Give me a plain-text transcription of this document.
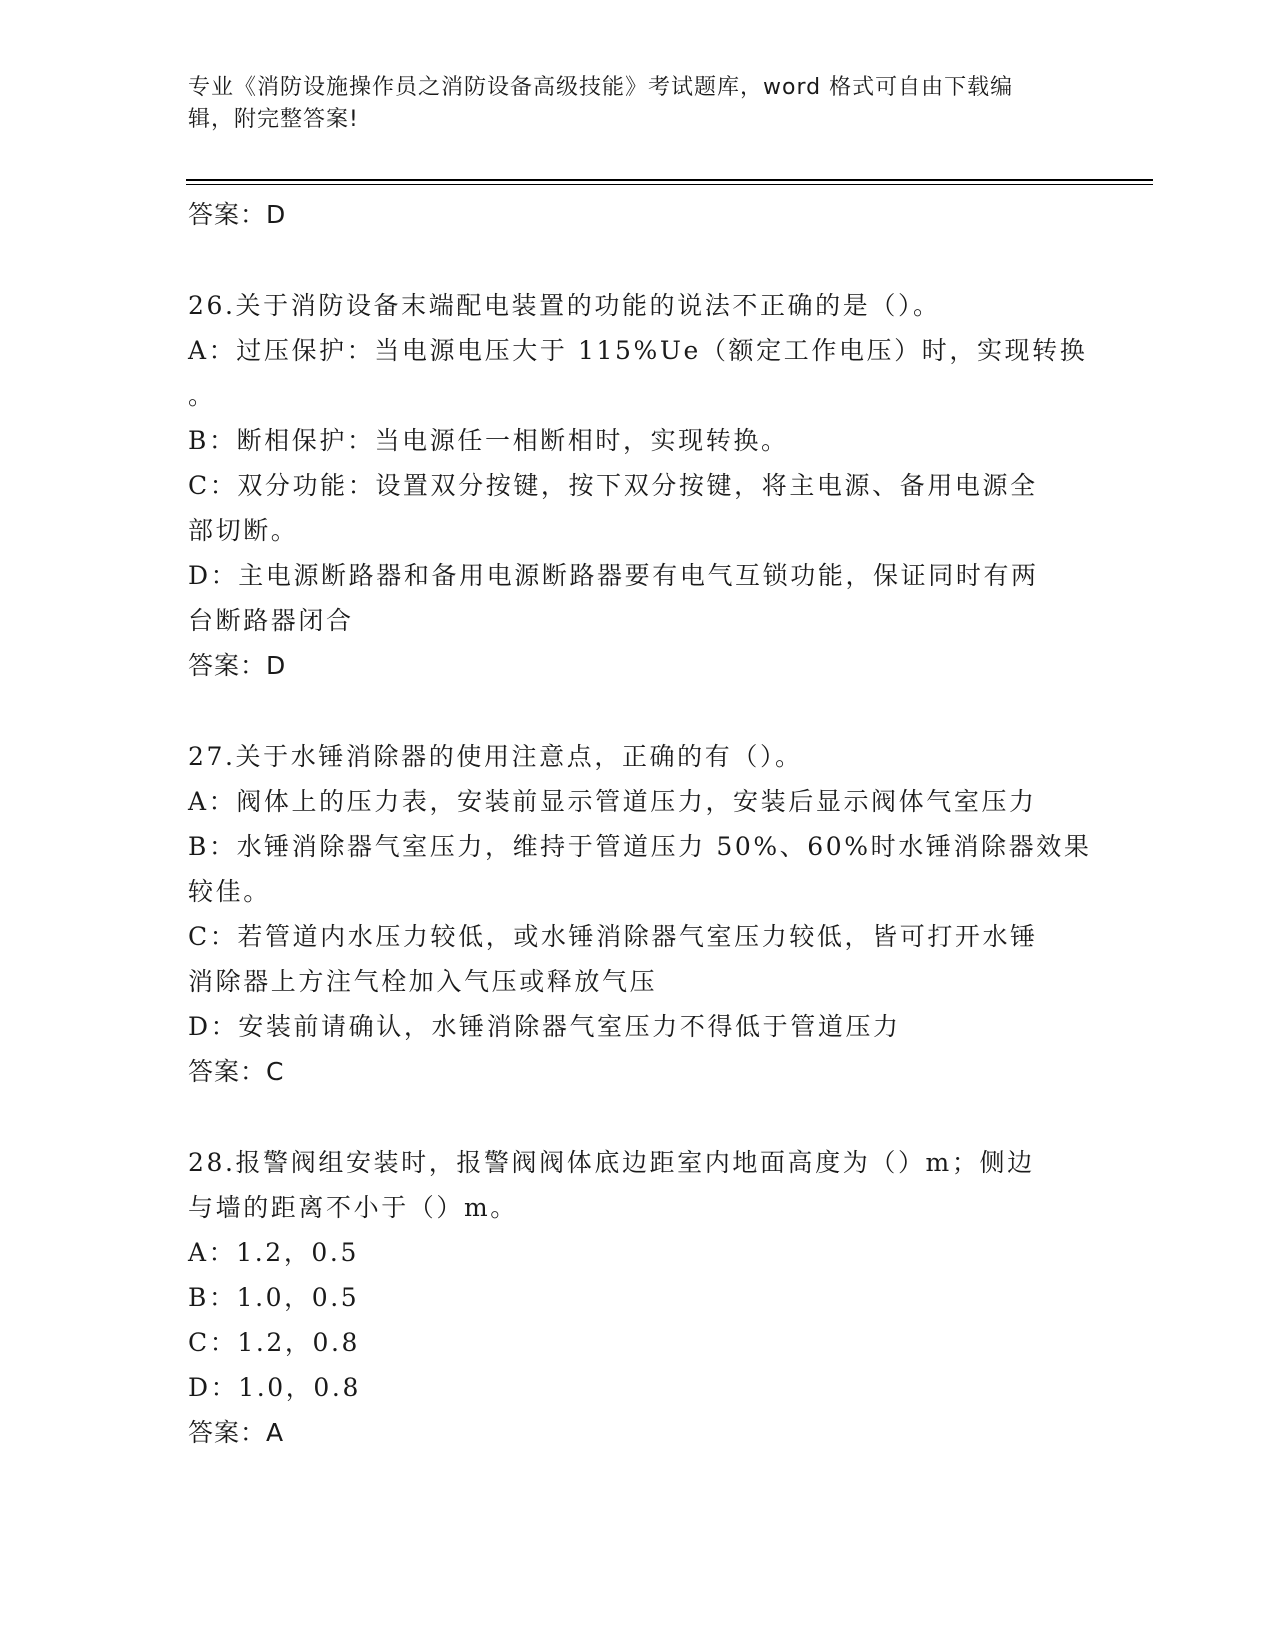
专业《消防设施操作员之消防设备高级技能》考试题库，word 格式可自由下载编
辑，附完整答案!
答案：D
26.关于消防设备末端配电装置的功能的说法不正确的是（）。
A：过压保护：当电源电压大于 115%Ue（额定工作电压）时，实现转换
。
B：断相保护：当电源任一相断相时，实现转换。
C：双分功能：设置双分按键，按下双分按键，将主电源、备用电源全
部切断。
D：主电源断路器和备用电源断路器要有电气互锁功能，保证同时有两
台断路器闭合
答案：D
27.关于水锤消除器的使用注意点，正确的有（）。
A：阀体上的压力表，安装前显示管道压力，安装后显示阀体气室压力
B：水锤消除器气室压力，维持于管道压力 50%、60%时水锤消除器效果
较佳。
C：若管道内水压力较低，或水锤消除器气室压力较低，皆可打开水锤
消除器上方注气栓加入气压或释放气压
D：安装前请确认，水锤消除器气室压力不得低于管道压力
答案：C
28.报警阀组安装时，报警阀阀体底边距室内地面高度为（）m；侧边
与墙的距离不小于（）m。
A：1.2，0.5
B：1.0，0.5
C：1.2，0.8
D：1.0，0.8
答案：A
